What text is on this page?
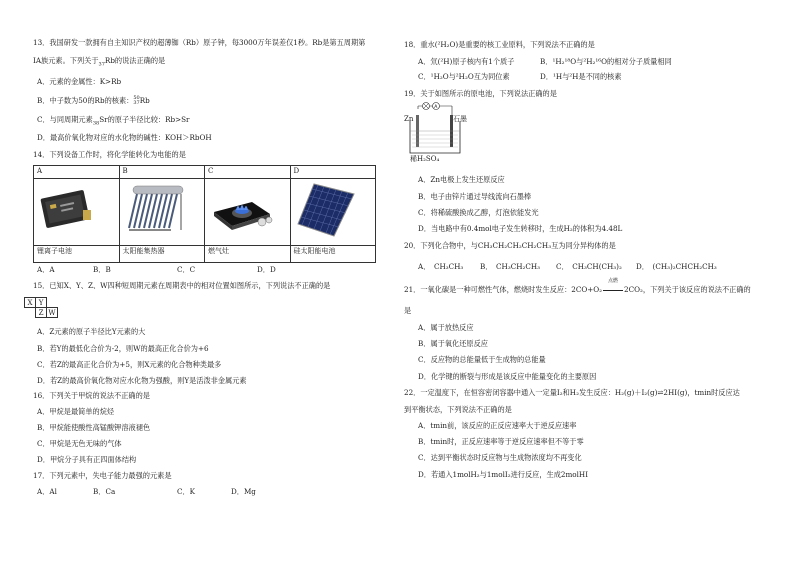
13．我国研发一款拥有自主知识产权的超薄铷（Rb）原子钟，每3000万年误差仅1秒。Rb是第五周期第
ⅠA族元素。下列关于$_{37}$Rb的说法正确的是
A．元素的金属性：K>Rb
B．中子数为50的Rb的核素：50
37Rb
C．与同周期元素$_{38}$Sr的原子半径比较：Rb>Sr
D．最高价氧化物对应的水化物的碱性：KOH＞RbOH
14．下列设备工作时，将化学能转化为电能的是
A	B	C	D

锂离子电池	太阳能集热器	燃气灶	硅太阳能电池
A．A	B．B	C．C	D．D
15．已知X、Y、Z、W四种短周期元素在周期表中的相对位置如图所示，下列说法不正确的是
X Y
Z W
A．Z元素的原子半径比Y元素的大
B．若Y的最低化合价为-2，则W的最高正化合价为+6
C．若Z的最高正化合价为+5，则X元素的化合物种类最多
D．若Z的最高价氧化物对应水化物为强酸，则Y是活泼非金属元素
16．下列关于甲烷的说法不正确的是
A．甲烷是最简单的烷烃
B．甲烷能使酸性高锰酸钾溶液褪色
C．甲烷是无色无味的气体
D．甲烷分子具有正四面体结构
17．下列元素中，失电子能力最强的元素是
A．Al	B．Ca	C．K	D．Mg
18．重水(²H₂O)是重要的核工业原料，下列说法不正确的是
A．氘(²H)原子核内有1个质子	B．¹H₂¹⁸O与²H₂¹⁶O的相对分子质量相同
C．¹H₂O与²H₂O互为同位素	D．¹H与²H是不同的核素
19．关于如图所示的原电池，下列说法正确的是
A
Zn	石墨
稀H₂SO₄
A．Zn电极上发生还原反应
B．电子由锌片通过导线流向石墨棒
C．将稀硫酸换成乙醇，灯泡依能发光
D．当电路中有0.4mol电子发生转移时，生成H₂的体积为4.48L
20．下列化合物中，与CH₃CH₂CH₂CH₂CH₃互为同分异构体的是
A．　CH₃CH₃ B．　CH₃CH₂CH₃ C．　CH₃CH(CH₃)₂ D．　(CH₃)₂CHCH₂CH₃
21．一氧化碳是一种可燃性气体，燃烧时发生反应：2CO+O₂
点燃
2CO₂，下列关于该反应的说法不正确的
是
A．属于放热反应
B．属于氧化还原反应
C．反应物的总能量低于生成物的总能量
D．化学键的断裂与形成是该反应中能量变化的主要原因
22．一定温度下，在恒容密闭容器中通入一定量I₂和H₂发生反应：H₂(g)＋I₂(g)⇌2HI(g)，tmin时反应达
到平衡状态，下列说法不正确的是
A．tmin前，该反应的正反应速率大于逆反应速率
B．tmin时，正反应速率等于逆反应速率但不等于零
C．达到平衡状态时反应物与生成物浓度均不再变化
D．若通入1molH₂与1molI₂进行反应，生成2molHI
